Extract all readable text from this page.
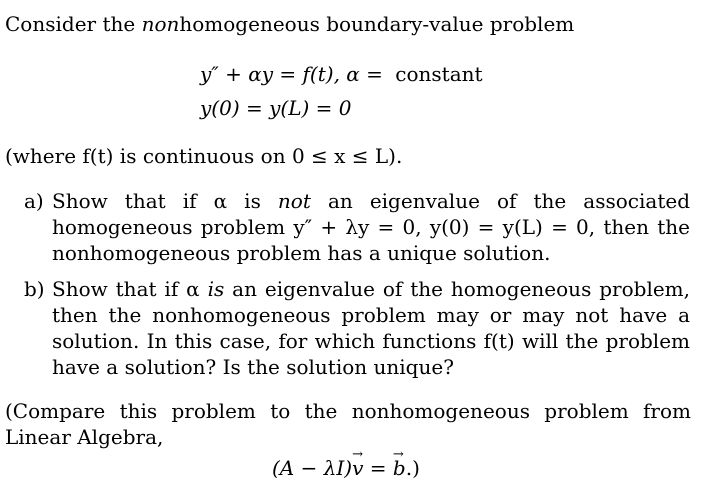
Consider the nonhomogeneous boundary-value problem
y″ + αy = f(t), α = constant
y(0) = y(L) = 0
(where f(t) is continuous on 0 ≤ x ≤ L).
a) Show that if α is not an eigenvalue of the associated homogeneous problem y″ + λy = 0, y(0) = y(L) = 0, then the nonhomogeneous problem has a unique solution.
b) Show that if α is an eigenvalue of the homogeneous problem, then the nonhomogeneous problem may or may not have a solution. In this case, for which functions f(t) will the problem have a solution? Is the solution unique?
(Compare this problem to the nonhomogeneous problem from Linear Algebra,
(A − λI)→ v = → b.)
